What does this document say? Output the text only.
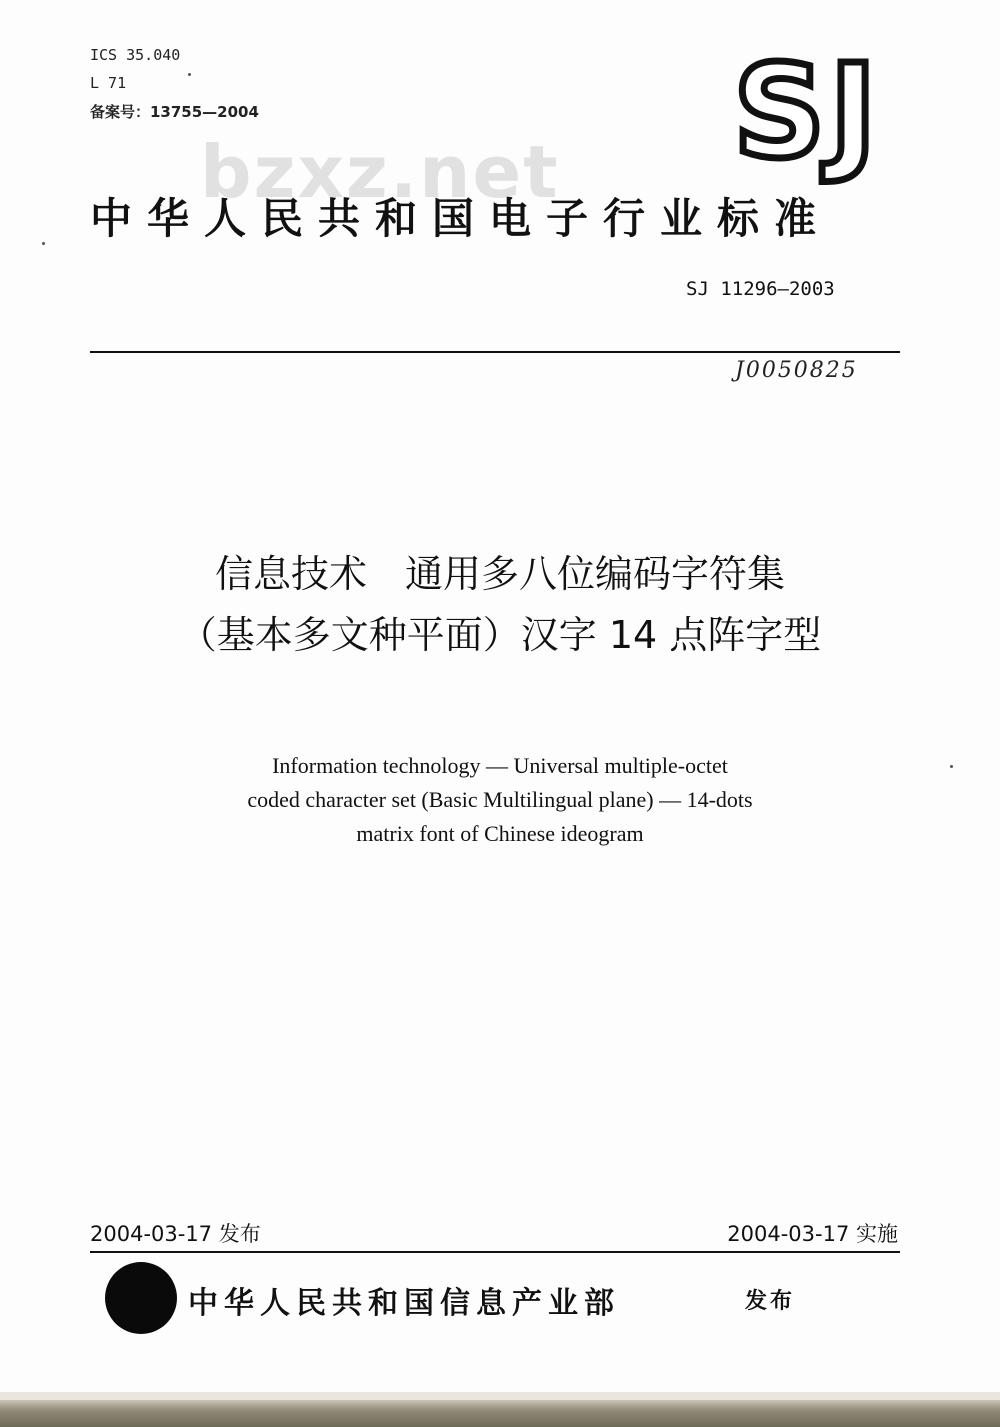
ICS 35.040
L 71
备案号：13755—2004	SJ
bzxz.net
中华人民共和国电子行业标准
SJ 11296—2003
J0050825
信息技术　通用多八位编码字符集
（基本多文种平面）汉字 14 点阵字型
Information technology — Universal multiple-octet
coded character set (Basic Multilingual plane) — 14-dots
matrix font of Chinese ideogram
2004-03-17 发布	2004-03-17 实施
中华人民共和国信息产业部	发布
